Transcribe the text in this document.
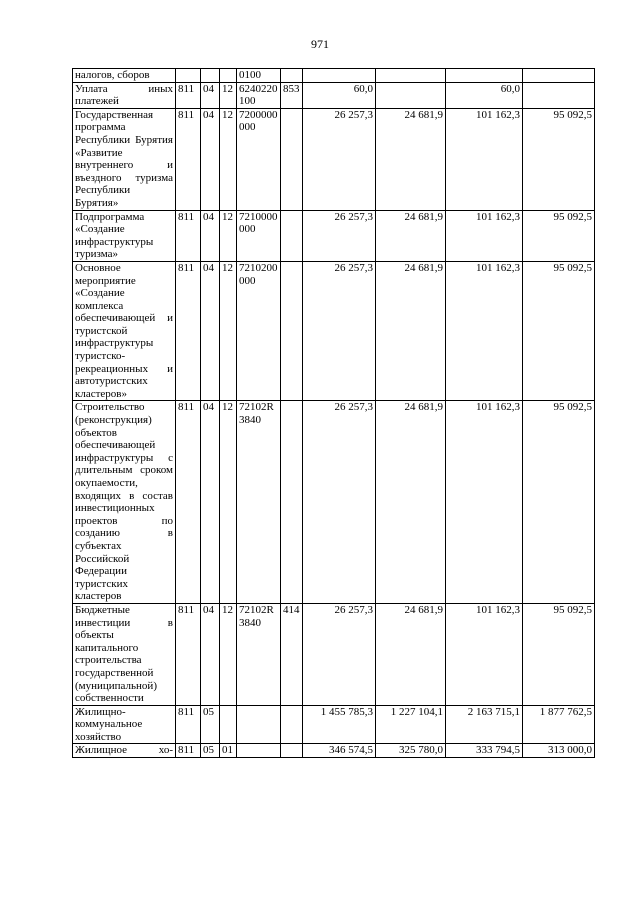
971
налогов, сборов				0100					
Уплата иных платежей	811	04	12	6240220100	853	60,0		60,0	
Государственная программа Республики Бурятия «Развитие внутреннего и въездного туризма Республики Бурятия»	811	04	12	7200000000		26 257,3	24 681,9	101 162,3	95 092,5
Подпрограмма «Создание инфраструктуры туризма»	811	04	12	7210000000		26 257,3	24 681,9	101 162,3	95 092,5
Основное мероприятие «Создание комплекса обеспечивающей и туристской инфраструктуры туристско-рекреационных и автотуристских кластеров»	811	04	12	7210200000		26 257,3	24 681,9	101 162,3	95 092,5
Строительство (реконструкция) объектов обеспечивающей инфраструктуры с длительным сроком окупаемости, входящих в состав инвестиционных проектов по созданию в субъектах Российской Федерации туристских кластеров	811	04	12	72102R3840		26 257,3	24 681,9	101 162,3	95 092,5
Бюджетные инвестиции в объекты капитального строительства государственной (муниципальной) собственности	811	04	12	72102R3840	414	26 257,3	24 681,9	101 162,3	95 092,5
Жилищно-коммунальное хозяйство	811	05				1 455 785,3	1 227 104,1	2 163 715,1	1 877 762,5
Жилищное хо-	811	05	01			346 574,5	325 780,0	333 794,5	313 000,0
